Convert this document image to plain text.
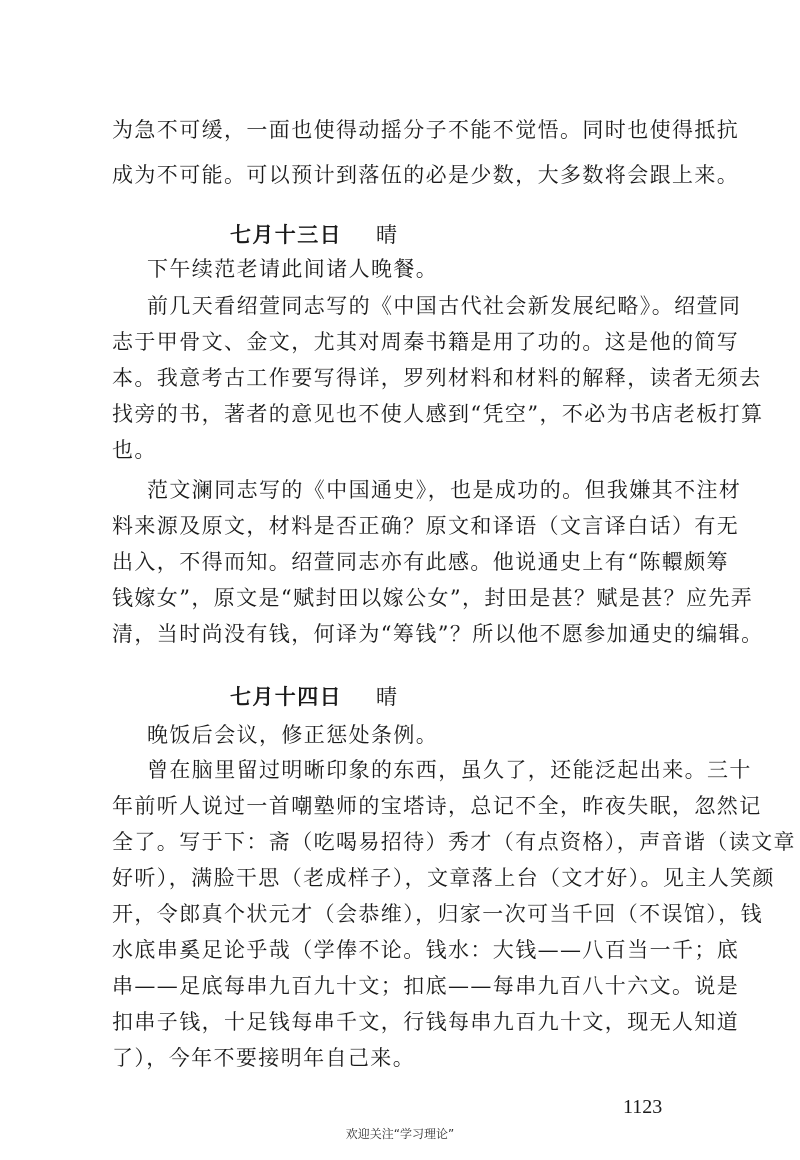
为急不可缓，一面也使得动摇分子不能不觉悟。同时也使得抵抗
成为不可能。可以预计到落伍的必是少数，大多数将会跟上来。
七月十三日 晴
下午续范老请此间诸人晚餐。
前几天看绍萱同志写的《中国古代社会新发展纪略》。绍萱同
志于甲骨文、金文，尤其对周秦书籍是用了功的。这是他的简写
本。我意考古工作要写得详，罗列材料和材料的解释，读者无须去
找旁的书，著者的意见也不使人感到“凭空”，不必为书店老板打算
也。
范文澜同志写的《中国通史》，也是成功的。但我嫌其不注材
料来源及原文，材料是否正确？原文和译语（文言译白话）有无
出入，不得而知。绍萱同志亦有此感。他说通史上有“陈轘颇筹
钱嫁女”，原文是“赋封田以嫁公女”，封田是甚？赋是甚？应先弄
清，当时尚没有钱，何译为“筹钱”？所以他不愿参加通史的编辑。
七月十四日 晴
晚饭后会议，修正惩处条例。
曾在脑里留过明晰印象的东西，虽久了，还能泛起出来。三十
年前听人说过一首嘲塾师的宝塔诗，总记不全，昨夜失眠，忽然记
全了。写于下：斋（吃喝易招待）秀才（有点资格），声音谐（读文章
好听），满脸干思（老成样子），文章落上台（文才好）。见主人笑颜
开，令郎真个状元才（会恭维），归家一次可当千回（不误馆），钱
水底串奚足论乎哉（学俸不论。钱水：大钱——八百当一千；底
串——足底每串九百九十文；扣底——每串九百八十六文。说是
扣串子钱，十足钱每串千文，行钱每串九百九十文，现无人知道
了），今年不要接明年自己来。
1123
欢迎关注“学习理论”
